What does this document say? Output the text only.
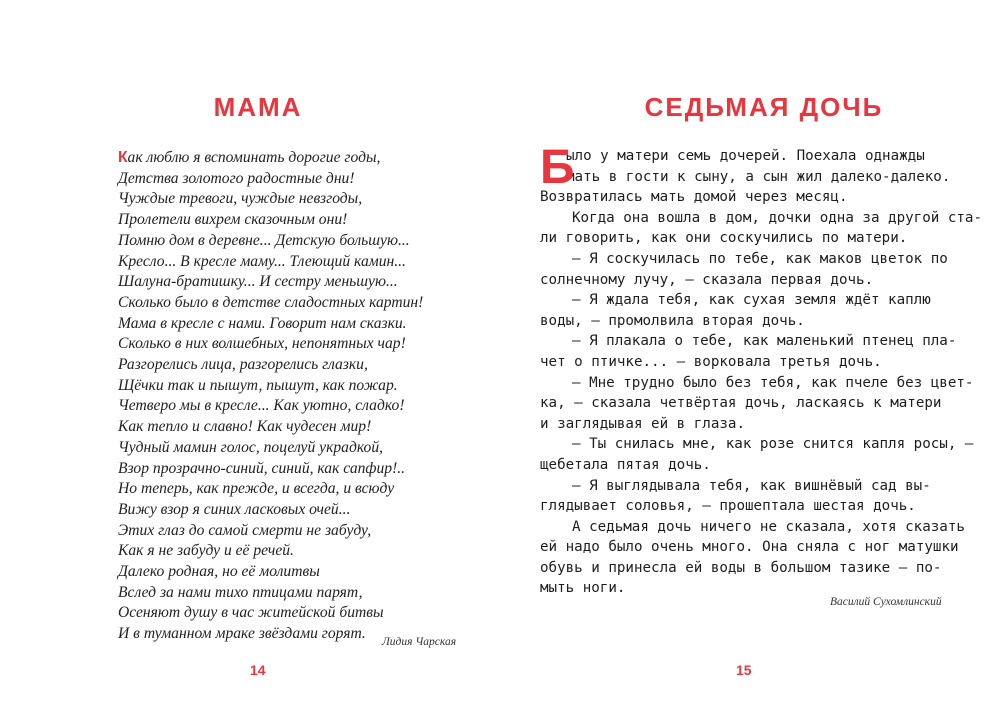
МАМА
Как люблю я вспоминать дорогие годы,
Детства золотого радостные дни!
Чуждые тревоги, чуждые невзгоды,
Пролетели вихрем сказочным они!
Помню дом в деревне... Детскую большую...
Кресло... В кресле маму... Тлеющий камин...
Шалуна-братишку... И сестру меньшую...
Сколько было в детстве сладостных картин!
Мама в кресле с нами. Говорит нам сказки.
Сколько в них волшебных, непонятных чар!
Разгорелись лица, разгорелись глазки,
Щёчки так и пышут, пышут, как пожар.
Четверо мы в кресле... Как уютно, сладко!
Как тепло и славно! Как чудесен мир!
Чудный мамин голос, поцелуй украдкой,
Взор прозрачно-синий, синий, как сапфир!..
Но теперь, как прежде, и всегда, и всюду
Вижу взор я синих ласковых очей...
Этих глаз до самой смерти не забуду,
Как я не забуду и её речей.
Далеко родная, но её молитвы
Вслед за нами тихо птицами парят,
Осеняют душу в час житейской битвы
И в туманном мраке звёздами горят.	Лидия Чарская
14
СЕДЬМАЯ ДОЧЬ
Б
ыло у матери семь дочерей. Поехала однажды
мать в гости к сыну, а сын жил далеко-далеко.
Возвратилась мать домой через месяц.
Когда она вошла в дом, дочки одна за другой ста-
ли говорить, как они соскучились по матери.
— Я соскучилась по тебе, как маков цветок по
солнечному лучу, — сказала первая дочь.
— Я ждала тебя, как сухая земля ждёт каплю
воды, — промолвила вторая дочь.
— Я плакала о тебе, как маленький птенец пла-
чет о птичке... — ворковала третья дочь.
— Мне трудно было без тебя, как пчеле без цвет-
ка, — сказала четвёртая дочь, ласкаясь к матери
и заглядывая ей в глаза.
— Ты снилась мне, как розе снится капля росы, —
щебетала пятая дочь.
— Я выглядывала тебя, как вишнёвый сад вы-
глядывает соловья, — прошептала шестая дочь.
А седьмая дочь ничего не сказала, хотя сказать
ей надо было очень много. Она сняла с ног матушки
обувь и принесла ей воды в большом тазике — по-
мыть ноги.
Василий Сухомлинский
15
